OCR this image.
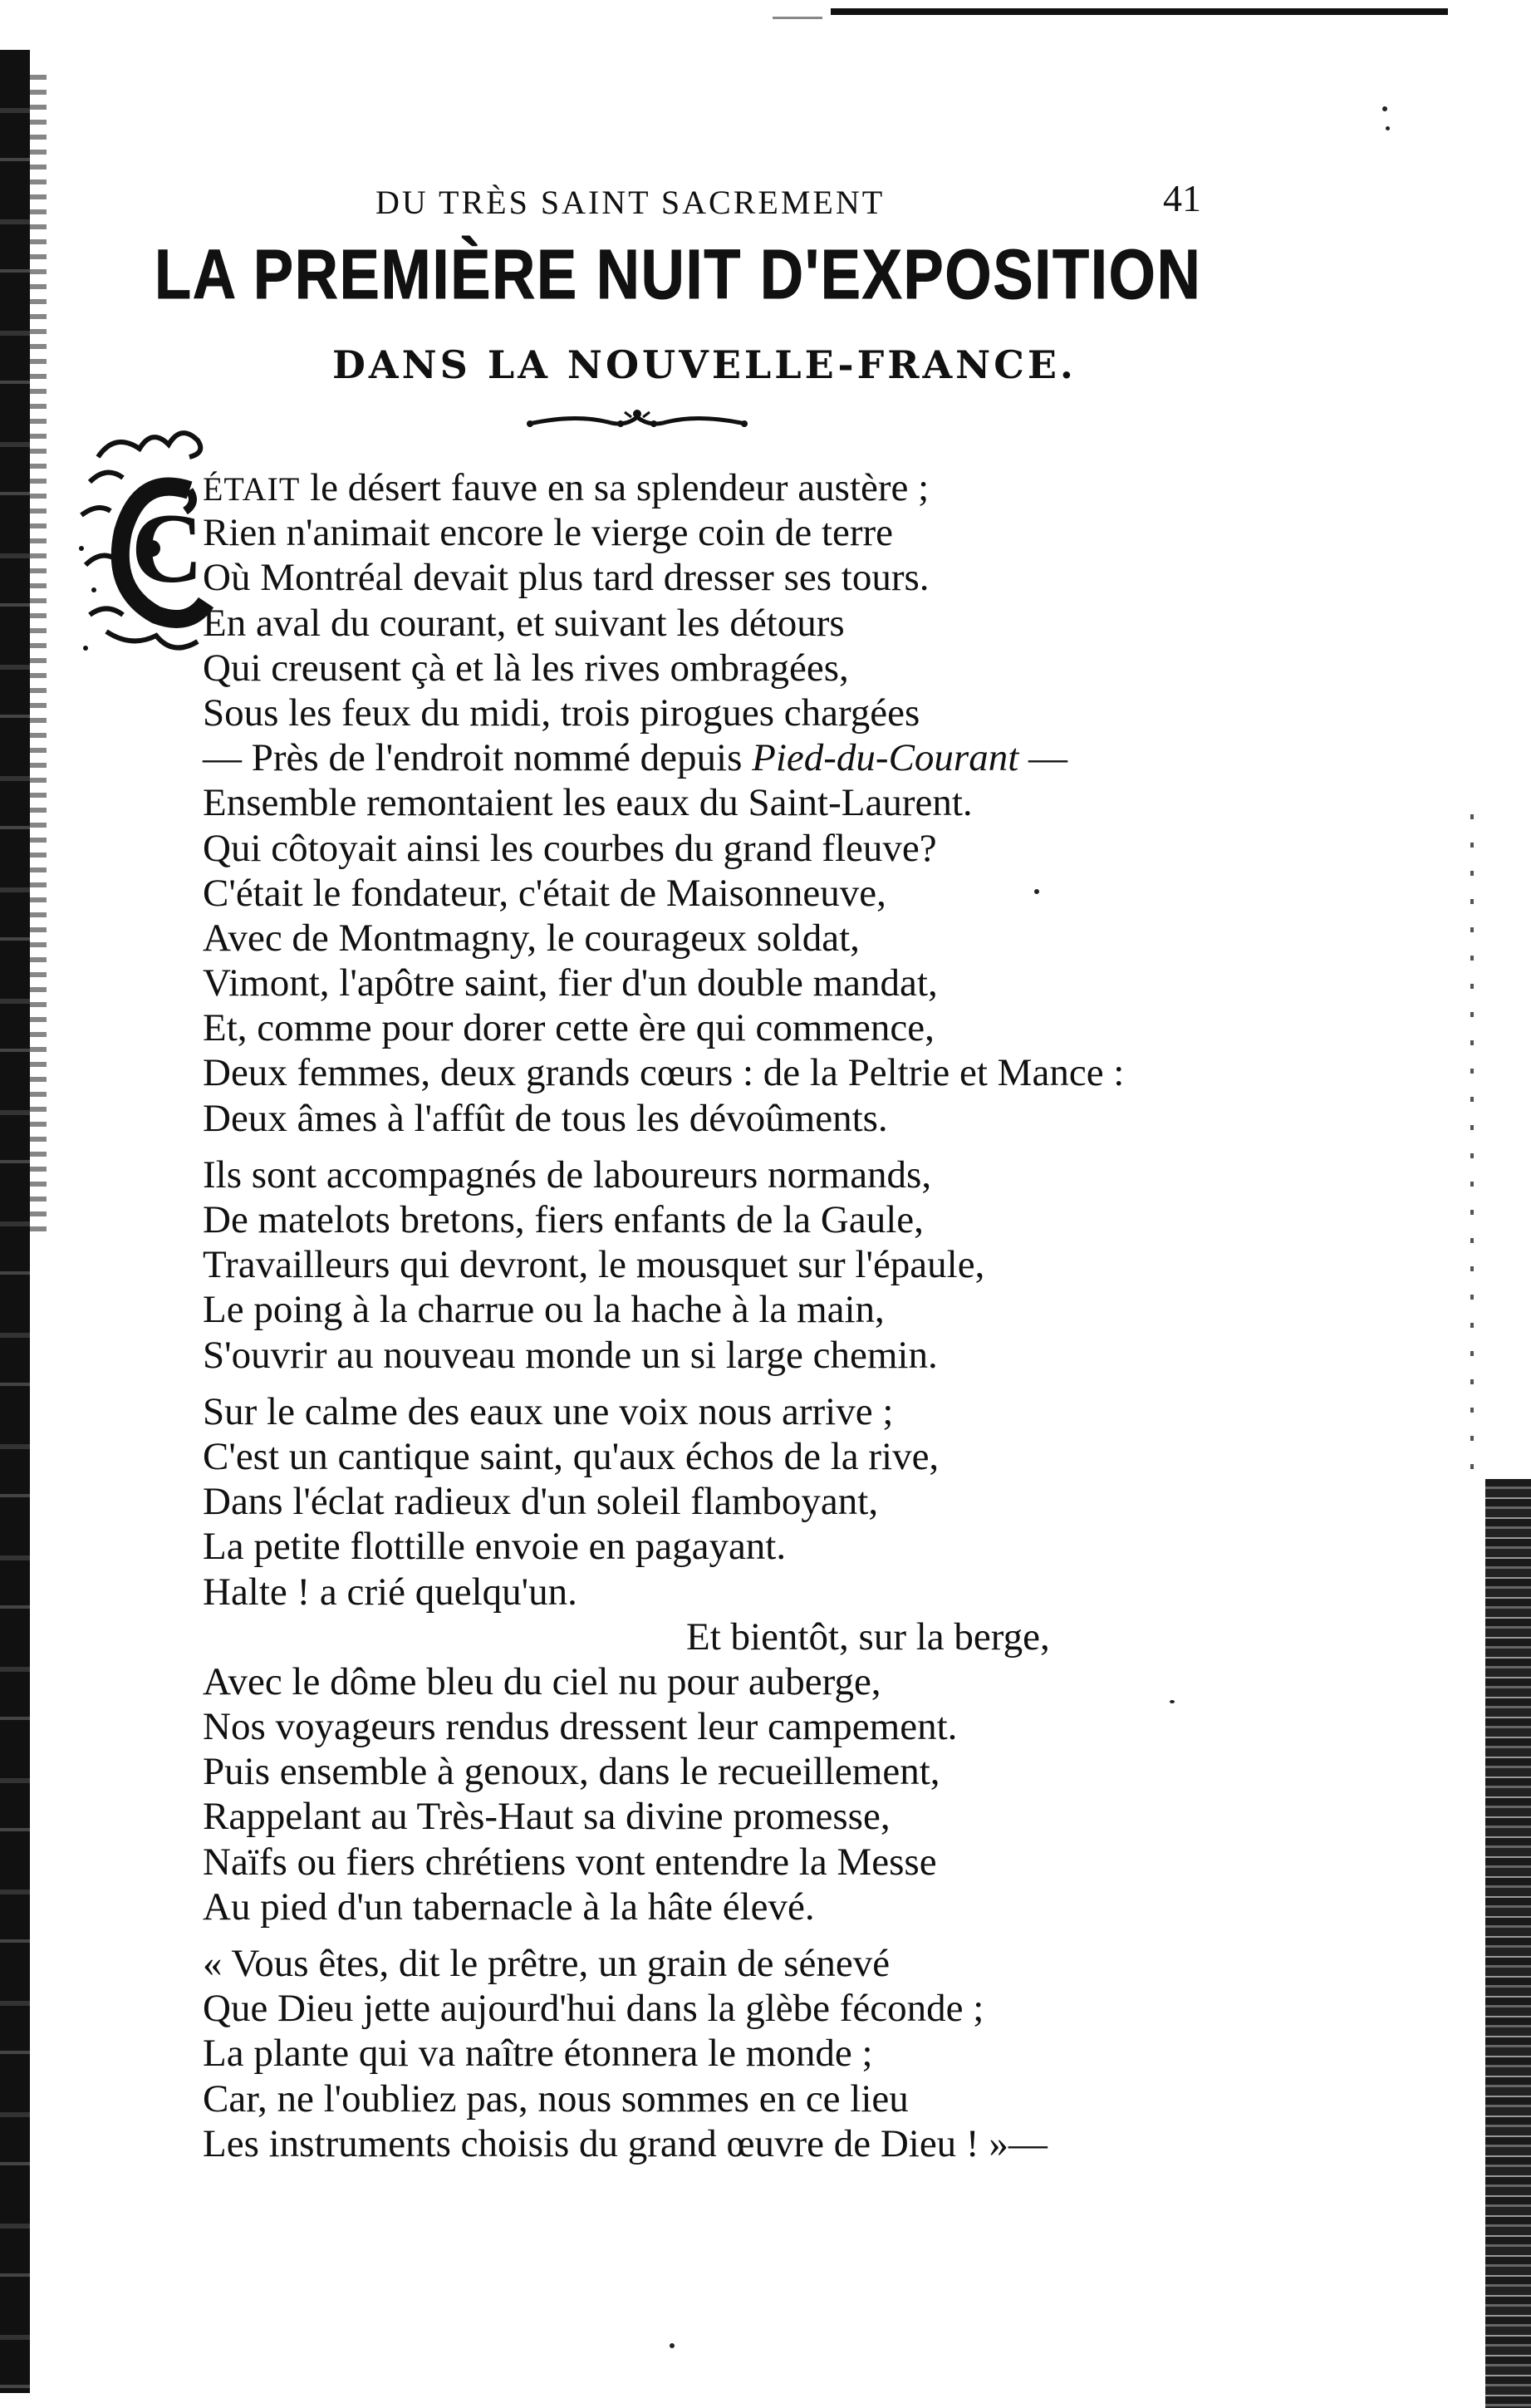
DU TRÈS SAINT SACREMENT	41
LA PREMIÈRE NUIT D'EXPOSITION
DANS LA NOUVELLE-FRANCE.
C
ÉTAIT le désert fauve en sa splendeur austère ;
Rien n'animait encore le vierge coin de terre
Où Montréal devait plus tard dresser ses tours.
En aval du courant, et suivant les détours
Qui creusent çà et là les rives ombragées,
Sous les feux du midi, trois pirogues chargées
— Près de l'endroit nommé depuis Pied-du-Courant —
Ensemble remontaient les eaux du Saint-Laurent.
Qui côtoyait ainsi les courbes du grand fleuve?
C'était le fondateur, c'était de Maisonneuve,
Avec de Montmagny, le courageux soldat,
Vimont, l'apôtre saint, fier d'un double mandat,
Et, comme pour dorer cette ère qui commence,
Deux femmes, deux grands cœurs : de la Peltrie et Mance :
Deux âmes à l'affût de tous les dévoûments.
Ils sont accompagnés de laboureurs normands,
De matelots bretons, fiers enfants de la Gaule,
Travailleurs qui devront, le mousquet sur l'épaule,
Le poing à la charrue ou la hache à la main,
S'ouvrir au nouveau monde un si large chemin.
Sur le calme des eaux une voix nous arrive ;
C'est un cantique saint, qu'aux échos de la rive,
Dans l'éclat radieux d'un soleil flamboyant,
La petite flottille envoie en pagayant.
Halte ! a crié quelqu'un.
Et bientôt, sur la berge,
Avec le dôme bleu du ciel nu pour auberge,
Nos voyageurs rendus dressent leur campement.
Puis ensemble à genoux, dans le recueillement,
Rappelant au Très-Haut sa divine promesse,
Naïfs ou fiers chrétiens vont entendre la Messe
Au pied d'un tabernacle à la hâte élevé.
« Vous êtes, dit le prêtre, un grain de sénevé
Que Dieu jette aujourd'hui dans la glèbe féconde ;
La plante qui va naître étonnera le monde ;
Car, ne l'oubliez pas, nous sommes en ce lieu
Les instruments choisis du grand œuvre de Dieu ! »—
